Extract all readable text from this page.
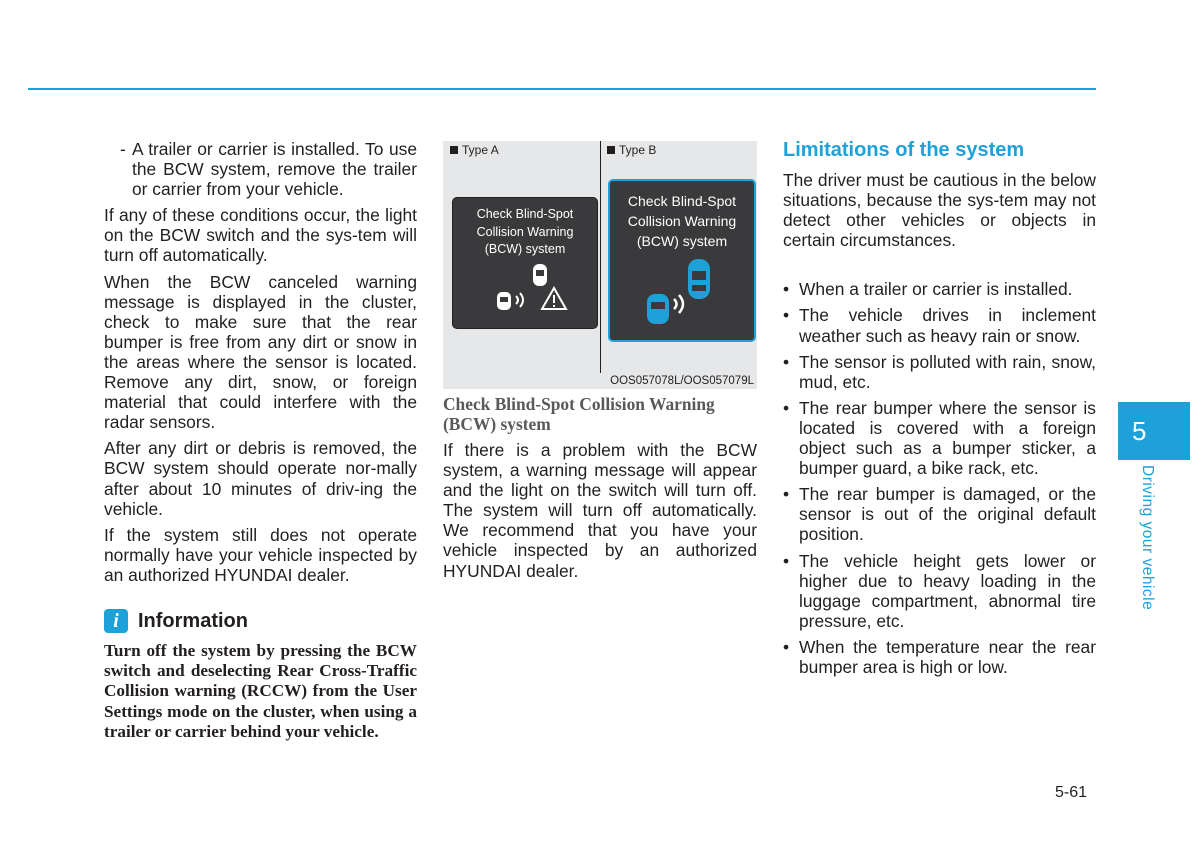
- A trailer or carrier is installed. To use the BCW system, remove the trailer or carrier from your vehicle.

If any of these conditions occur, the light on the BCW switch and the sys-tem will turn off automatically.

When the BCW canceled warning message is displayed in the cluster, check to make sure that the rear bumper is free from any dirt or snow in the areas where the sensor is located. Remove any dirt, snow, or foreign material that could interfere with the radar sensors.

After any dirt or debris is removed, the BCW system should operate nor-mally after about 10 minutes of driv-ing the vehicle.

If the system still does not operate normally have your vehicle inspected by an authorized HYUNDAI dealer.

i Information

Turn off the system by pressing the BCW switch and deselecting Rear Cross-Traffic Collision warning (RCCW) from the User Settings mode on the cluster, when using a trailer or carrier behind your vehicle.

Type A	Type B
Check Blind-Spot
Collision Warning
(BCW) system
Check Blind-Spot
Collision Warning
(BCW) system
OOS057078L/OOS057079L

Check Blind-Spot Collision Warning (BCW) system

If there is a problem with the BCW system, a warning message will appear and the light on the switch will turn off. The system will turn off automatically. We recommend that you have your vehicle inspected by an authorized HYUNDAI dealer.

Limitations of the system

The driver must be cautious in the below situations, because the sys-tem may not detect other vehicles or objects in certain circumstances.

• When a trailer or carrier is installed.
• The vehicle drives in inclement weather such as heavy rain or snow.
• The sensor is polluted with rain, snow, mud, etc.
• The rear bumper where the sensor is located is covered with a foreign object such as a bumper sticker, a bumper guard, a bike rack, etc.
• The rear bumper is damaged, or the sensor is out of the original default position.
• The vehicle height gets lower or higher due to heavy loading in the luggage compartment, abnormal tire pressure, etc.
• When the temperature near the rear bumper area is high or low.
5
Driving your vehicle
5-61
